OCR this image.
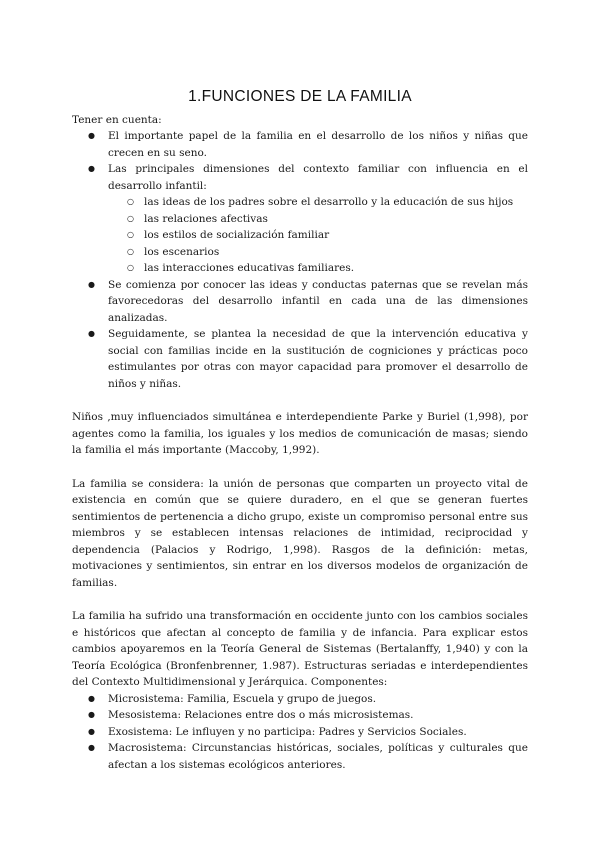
1.FUNCIONES DE LA FAMILIA

Tener en cuenta:

● El importante papel de la familia en el desarrollo de los niños y niñas que crecen en su seno.
● Las principales dimensiones del contexto familiar con influencia en el desarrollo infantil:
○ las ideas de los padres sobre el desarrollo y la educación de sus hijos
○ las relaciones afectivas
○ los estilos de socialización familiar
○ los escenarios
○ las interacciones educativas familiares.
● Se comienza por conocer las ideas y conductas paternas que se revelan más favorecedoras del desarrollo infantil en cada una de las dimensiones analizadas.
● Seguidamente, se plantea la necesidad de que la intervención educativa y social con familias incide en la sustitución de cogniciones y prácticas poco estimulantes por otras con mayor capacidad para promover el desarrollo de niños y niñas.

Niños ,muy influenciados simultánea e interdependiente Parke y Buriel (1,998), por agentes como la familia, los iguales y los medios de comunicación de masas; siendo la familia el más importante (Maccoby, 1,992).

La familia se considera: la unión de personas que comparten un proyecto vital de existencia en común que se quiere duradero, en el que se generan fuertes sentimientos de pertenencia a dicho grupo, existe un compromiso personal entre sus miembros y se establecen intensas relaciones de intimidad, reciprocidad y dependencia (Palacios y Rodrigo, 1,998). Rasgos de la definición: metas, motivaciones y sentimientos, sin entrar en los diversos modelos de organización de familias.

La familia ha sufrido una transformación en occidente junto con los cambios sociales e históricos que afectan al concepto de familia y de infancia. Para explicar estos cambios apoyaremos en la Teoría General de Sistemas (Bertalanffy, 1,940) y con la Teoría Ecológica (Bronfenbrenner, 1.987). Estructuras seriadas e interdependientes del Contexto Multidimensional y Jerárquica. Componentes:

● Microsistema: Familia, Escuela y grupo de juegos.
● Mesosistema: Relaciones entre dos o más microsistemas.
● Exosistema: Le influyen y no participa: Padres y Servicios Sociales.
● Macrosistema: Circunstancias históricas, sociales, políticas y culturales que afectan a los sistemas ecológicos anteriores.
